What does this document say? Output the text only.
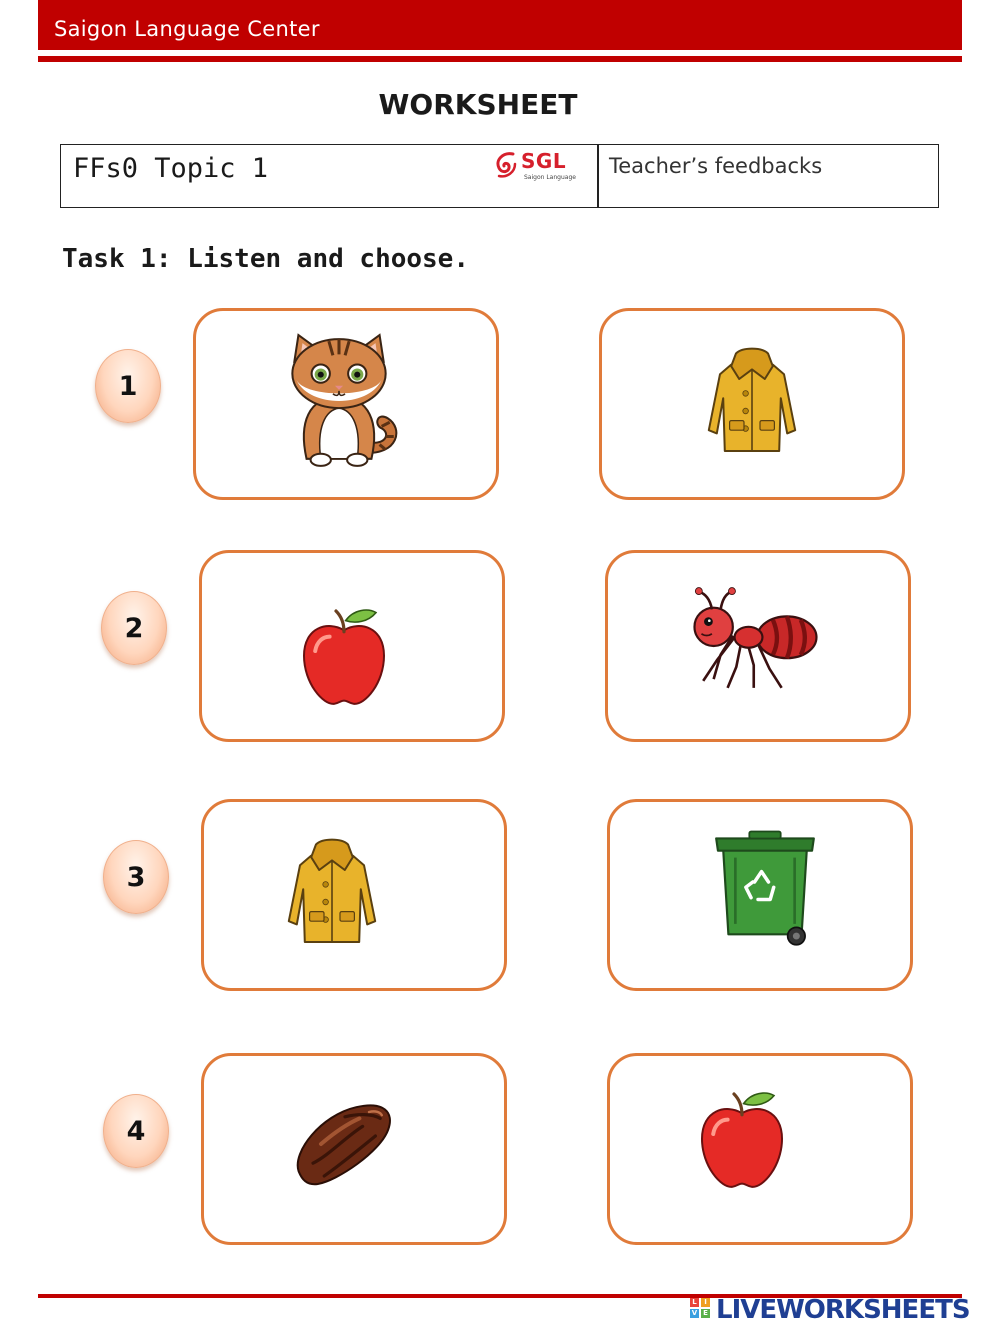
Saigon Language Center
WORKSHEET
FFs0 Topic 1	SGL
Saigon Language Teacher’s feedbacks
Task 1: Listen and choose.
1
2
3
4
L	I
V E LIVEWORKSHEETS
